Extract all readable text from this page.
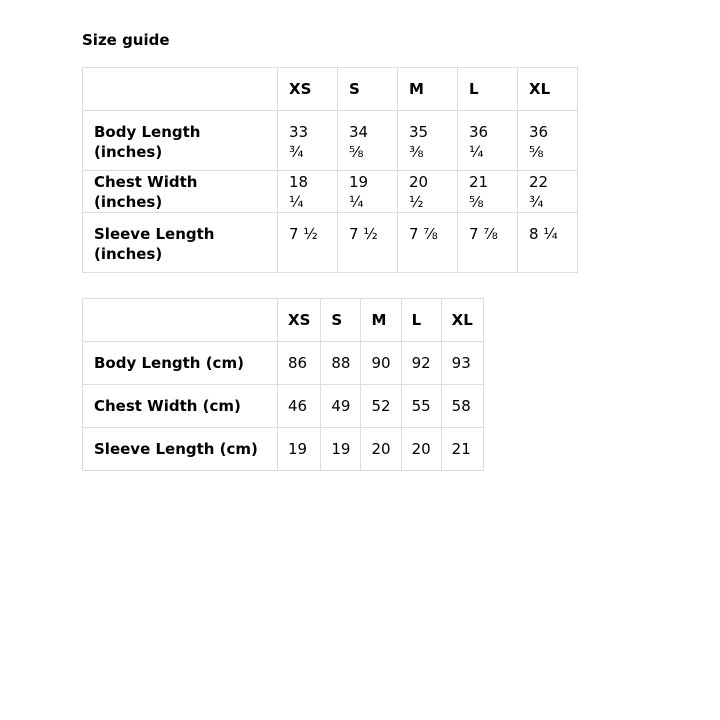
Size guide
	XS	S	M	L	XL
Body Length (inches)	33 ¾	34 ⅝	35 ⅜	36 ¼	36 ⅝
Chest Width (inches)	18 ¼	19 ¼	20 ½	21 ⅝	22 ¾
Sleeve Length (inches)	7 ½	7 ½	7 ⅞	7 ⅞	8 ¼
	XS	S	M	L	XL
Body Length (cm)	86	88	90	92	93
Chest Width (cm)	46	49	52	55	58
Sleeve Length (cm)	19	19	20	20	21
